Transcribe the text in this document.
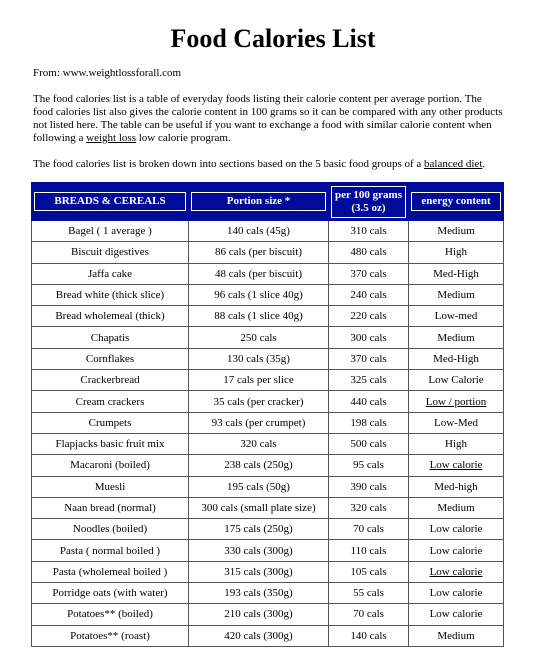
Food Calories List

From: www.weightlossforall.com

The food calories list is a table of everyday foods listing their calorie content per average portion. The food calories list also gives the calorie content in 100 grams so it can be compared with any other products not listed here. The table can be useful if you want to exchange a food with similar calorie content when following a weight loss low calorie program.

The food calories list is broken down into sections based on the 5 basic food groups of a balanced diet.

BREADS & CEREALS	Portion size *	per 100 grams (3.5 oz)	energy content

Bagel ( 1 average )	140 cals (45g)	310 cals	Medium
Biscuit digestives	86 cals (per biscuit)	480 cals	High
Jaffa cake	48 cals (per biscuit)	370 cals	Med-High
Bread white (thick slice)	96 cals (1 slice 40g)	240 cals	Medium
Bread wholemeal (thick)	88 cals (1 slice 40g)	220 cals	Low-med
Chapatis	250 cals	300 cals	Medium
Cornflakes	130 cals (35g)	370 cals	Med-High
Crackerbread	17 cals per slice	325 cals	Low Calorie
Cream crackers	35 cals (per cracker)	440 cals	Low / portion
Crumpets	93 cals (per crumpet)	198 cals	Low-Med
Flapjacks basic fruit mix	320 cals	500 cals	High
Macaroni (boiled)	238 cals (250g)	95 cals	Low calorie
Muesli	195 cals (50g)	390 cals	Med-high
Naan bread (normal)	300 cals (small plate size)	320 cals	Medium
Noodles (boiled)	175 cals (250g)	70 cals	Low calorie
Pasta ( normal boiled )	330 cals (300g)	110 cals	Low calorie
Pasta (wholemeal boiled )	315 cals (300g)	105 cals	Low calorie
Porridge oats (with water)	193 cals (350g)	55 cals	Low calorie
Potatoes** (boiled)	210 cals (300g)	70 cals	Low calorie
Potatoes** (roast)	420 cals (300g)	140 cals	Medium
